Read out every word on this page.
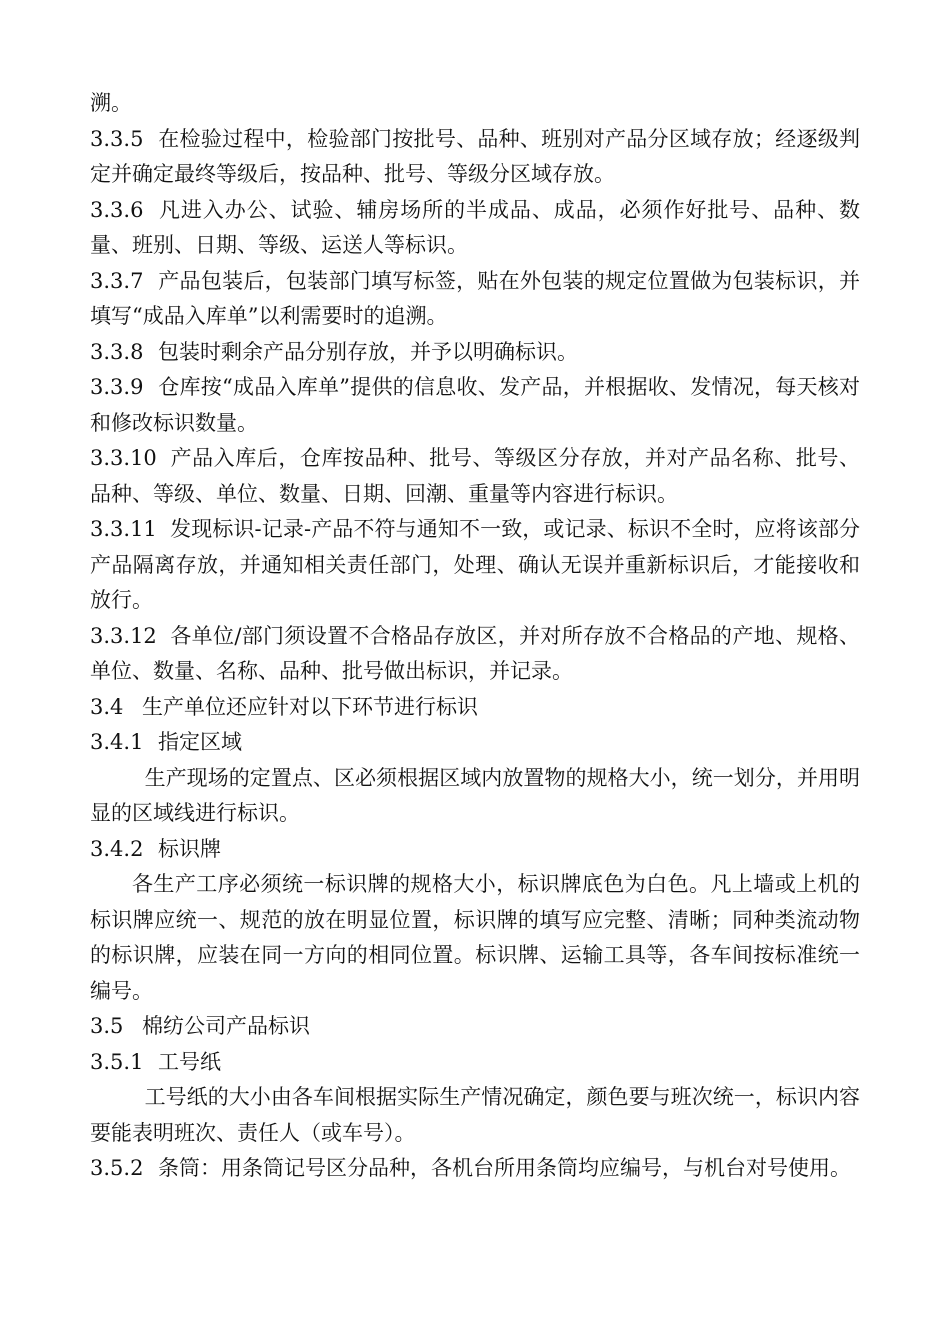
溯。

3.3.5 在检验过程中，检验部门按批号、品种、班别对产品分区域存放；经逐级判定并确定最终等级后，按品种、批号、等级分区域存放。

3.3.6 凡进入办公、试验、辅房场所的半成品、成品，必须作好批号、品种、数量、班别、日期、等级、运送人等标识。

3.3.7 产品包装后，包装部门填写标签，贴在外包装的规定位置做为包装标识，并填写“成品入库单”以利需要时的追溯。

3.3.8 包装时剩余产品分别存放，并予以明确标识。

3.3.9 仓库按“成品入库单”提供的信息收、发产品，并根据收、发情况，每天核对和修改标识数量。

3.3.10 产品入库后，仓库按品种、批号、等级区分存放，并对产品名称、批号、品种、等级、单位、数量、日期、回潮、重量等内容进行标识。

3.3.11 发现标识-记录-产品不符与通知不一致，或记录、标识不全时，应将该部分产品隔离存放，并通知相关责任部门，处理、确认无误并重新标识后，才能接收和放行。

3.3.12 各单位/部门须设置不合格品存放区，并对所存放不合格品的产地、规格、单位、数量、名称、品种、批号做出标识，并记录。

3.4 生产单位还应针对以下环节进行标识

3.4.1 指定区域

生产现场的定置点、区必须根据区域内放置物的规格大小，统一划分，并用明显的区域线进行标识。

3.4.2 标识牌

各生产工序必须统一标识牌的规格大小，标识牌底色为白色。凡上墙或上机的标识牌应统一、规范的放在明显位置，标识牌的填写应完整、清晰；同种类流动物的标识牌，应装在同一方向的相同位置。标识牌、运输工具等，各车间按标准统一编号。

3.5 棉纺公司产品标识

3.5.1 工号纸

工号纸的大小由各车间根据实际生产情况确定，颜色要与班次统一，标识内容要能表明班次、责任人（或车号）。

3.5.2 条筒：用条筒记号区分品种，各机台所用条筒均应编号，与机台对号使用。
